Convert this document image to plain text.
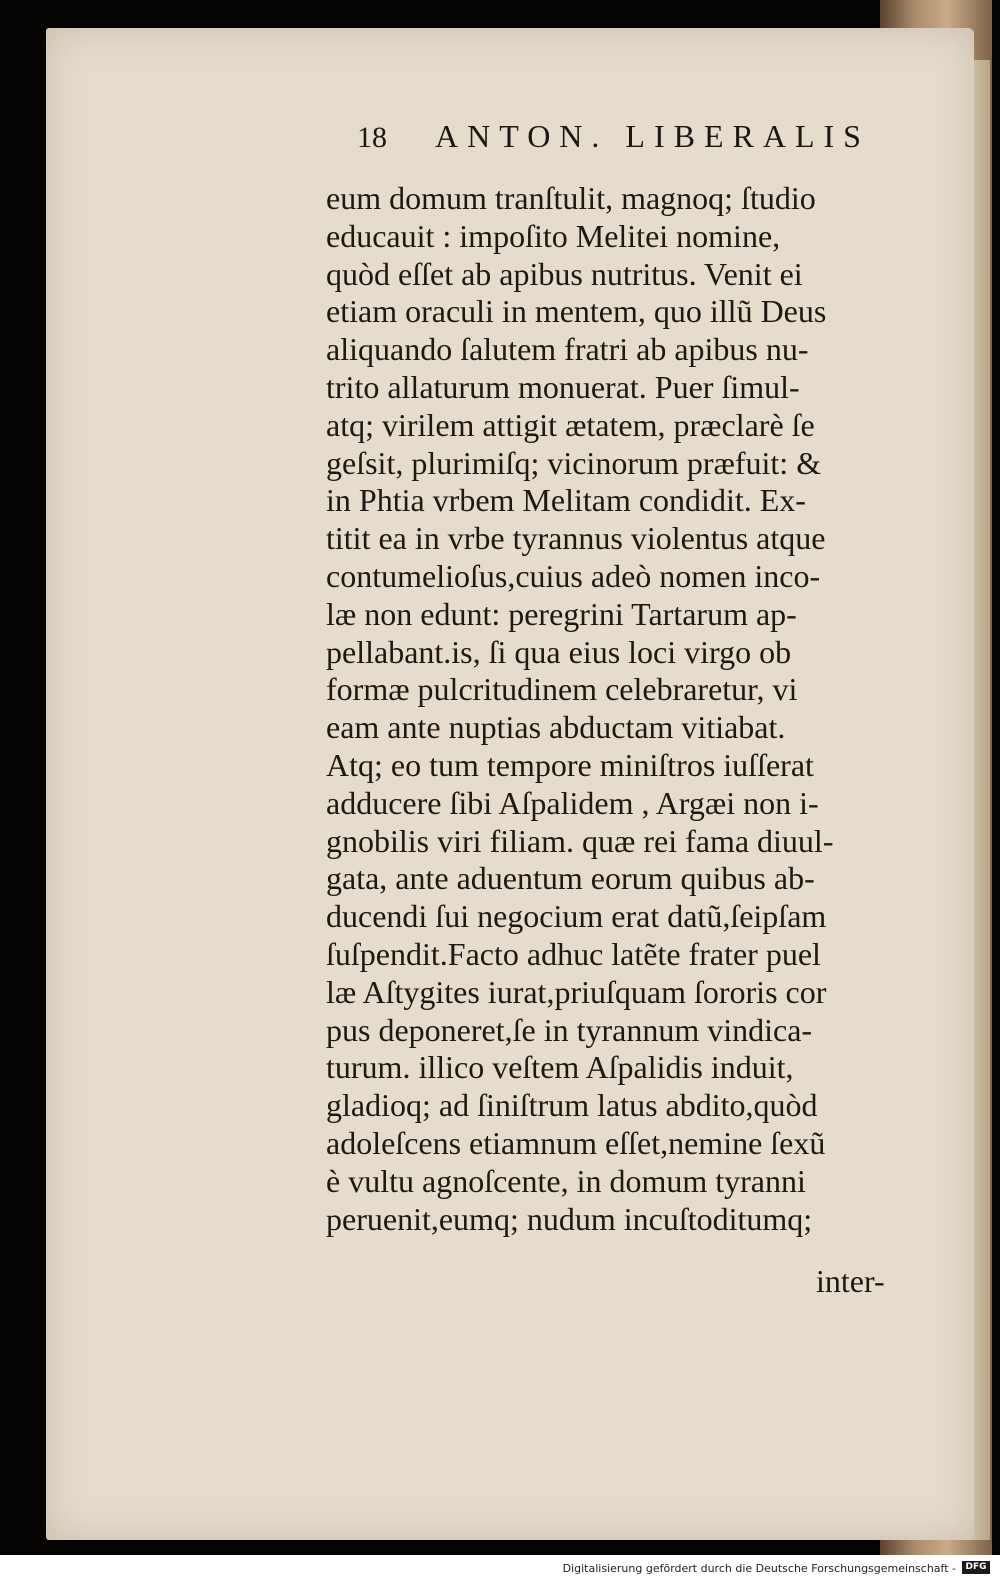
18 ANTON. LIBERALIS
eum domum tranſtulit, magnoq; ſtudio
educauit : impoſito Melitei nomine,
quòd eſſet ab apibus nutritus. Venit ei
etiam oraculi in mentem, quo illũ Deus
aliquando ſalutem fratri ab apibus nu-
trito allaturum monuerat. Puer ſimul-
atq; virilem attigit ætatem, præclarè ſe
geſsit, plurimiſq; vicinorum præfuit: &
in Phtia vrbem Melitam condidit. Ex-
titit ea in vrbe tyrannus violentus atque
contumelioſus,cuius adeò nomen inco-
læ non edunt: peregrini Tartarum ap-
pellabant.is, ſi qua eius loci virgo ob
formæ pulcritudinem celebraretur, vi
eam ante nuptias abductam vitiabat.
Atq; eo tum tempore miniſtros iuſſerat
adducere ſibi Aſpalidem , Argæi non i-
gnobilis viri filiam. quæ rei fama diuul-
gata, ante aduentum eorum quibus ab-
ducendi ſui negocium erat datũ,ſeipſam
ſuſpendit.Facto adhuc latẽte frater puel
læ Aſtygites iurat,priuſquam ſororis cor
pus deponeret,ſe in tyrannum vindica-
turum. illico veſtem Aſpalidis induit,
gladioq; ad ſiniſtrum latus abdito,quòd
adoleſcens etiamnum eſſet,nemine ſexũ
è vultu agnoſcente, in domum tyranni
peruenit,eumq; nudum incuſtoditumq;
inter-
Digitalisierung gefördert durch die Deutsche Forschungsgemeinschaft -	DFG
